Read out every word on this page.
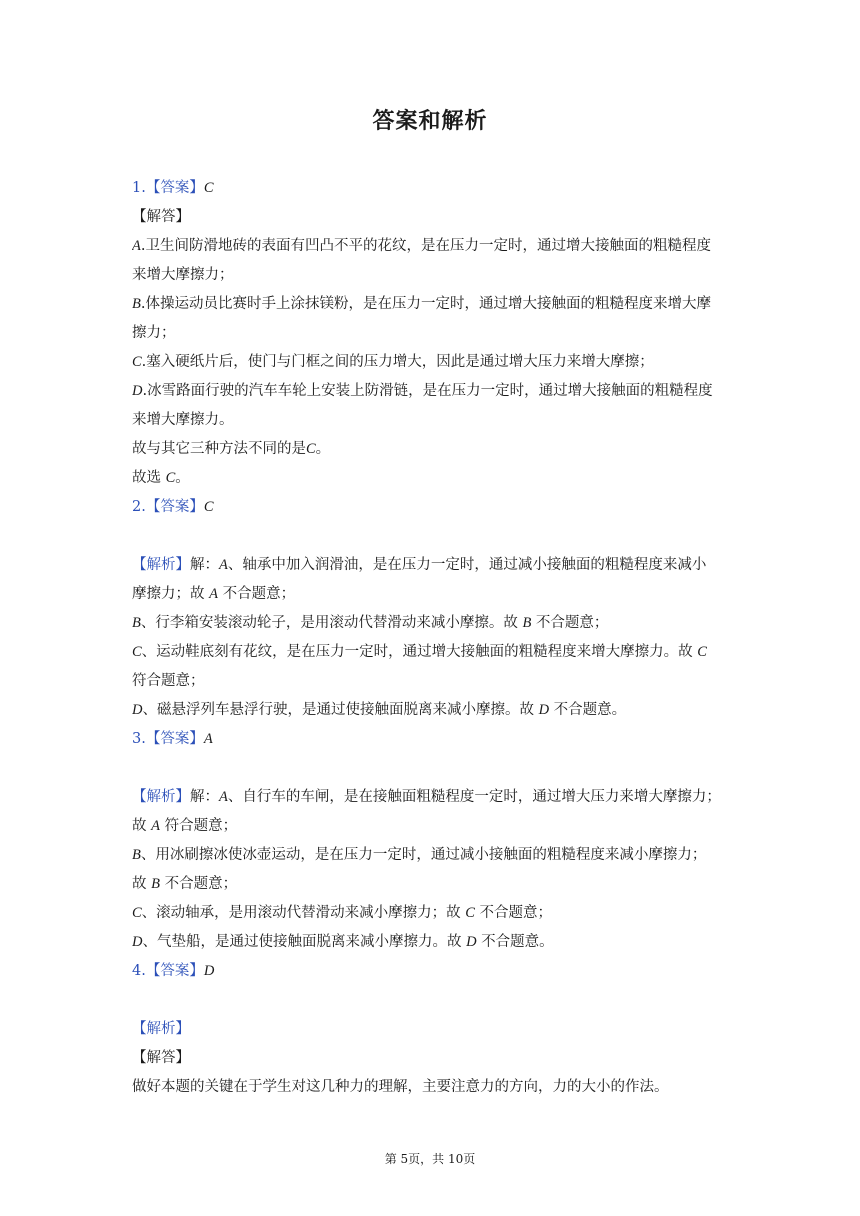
答案和解析
1.【答案】C
【解答】
A.卫生间防滑地砖的表面有凹凸不平的花纹，是在压力一定时，通过增大接触面的粗糙程度
来增大摩擦力；
B.体操运动员比赛时手上涂抹镁粉，是在压力一定时，通过增大接触面的粗糙程度来增大摩
擦力；
C.塞入硬纸片后，使门与门框之间的压力增大，因此是通过增大压力来增大摩擦；
D.冰雪路面行驶的汽车车轮上安装上防滑链，是在压力一定时，通过增大接触面的粗糙程度
来增大摩擦力。
故与其它三种方法不同的是C。
故选 C。
2.【答案】C
【解析】解：A、轴承中加入润滑油，是在压力一定时，通过减小接触面的粗糙程度来减小
摩擦力；故 A 不合题意；
B、行李箱安装滚动轮子，是用滚动代替滑动来减小摩擦。故 B 不合题意；
C、运动鞋底刻有花纹，是在压力一定时，通过增大接触面的粗糙程度来增大摩擦力。故 C
符合题意；
D、磁悬浮列车悬浮行驶，是通过使接触面脱离来减小摩擦。故 D 不合题意。
3.【答案】A
【解析】解：A、自行车的车闸，是在接触面粗糙程度一定时，通过增大压力来增大摩擦力；
故 A 符合题意；
B、用冰刷擦冰使冰壶运动，是在压力一定时，通过减小接触面的粗糙程度来减小摩擦力；
故 B 不合题意；
C、滚动轴承，是用滚动代替滑动来减小摩擦力；故 C 不合题意；
D、气垫船，是通过使接触面脱离来减小摩擦力。故 D 不合题意。
4.【答案】D
【解析】
【解答】
做好本题的关键在于学生对这几种力的理解，主要注意力的方向，力的大小的作法。
第 5页，共 10页
